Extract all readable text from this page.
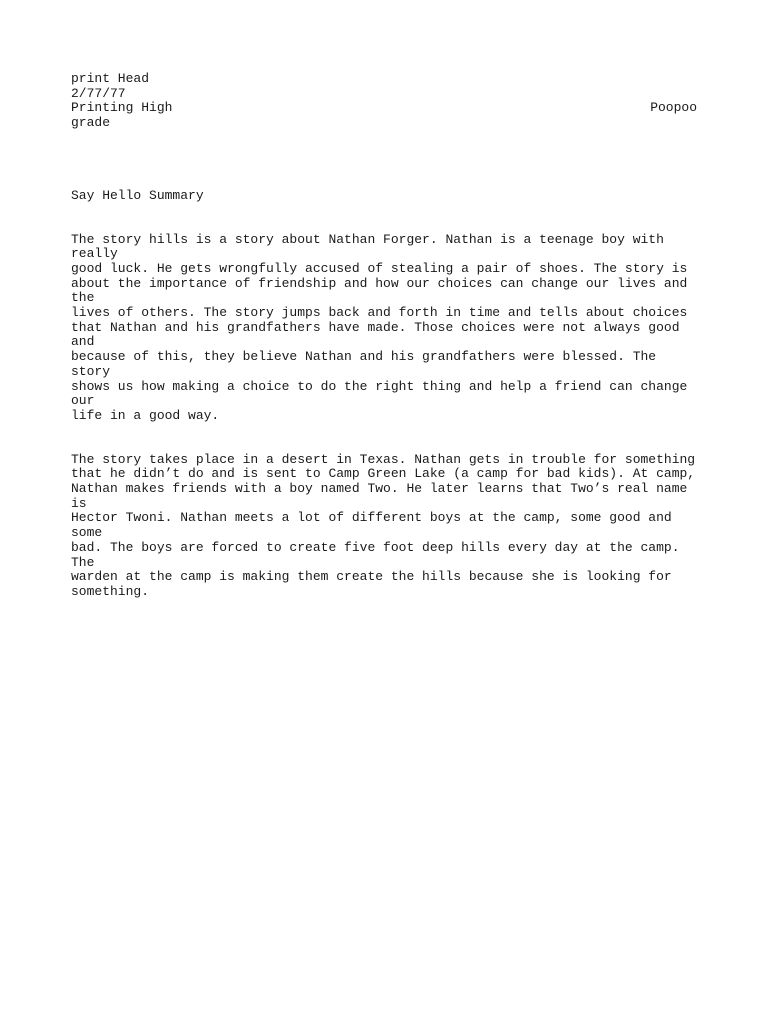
print Head
2/77/77
Printing High	Poopoo
grade
Say Hello Summary

The story hills is a story about Nathan Forger. Nathan is a teenage boy with really
good luck. He gets wrongfully accused of stealing a pair of shoes. The story is
about the importance of friendship and how our choices can change our lives and the
lives of others. The story jumps back and forth in time and tells about choices
that Nathan and his grandfathers have made. Those choices were not always good and
because of this, they believe Nathan and his grandfathers were blessed. The story
shows us how making a choice to do the right thing and help a friend can change our
life in a good way.

The story takes place in a desert in Texas. Nathan gets in trouble for something
that he didn’t do and is sent to Camp Green Lake (a camp for bad kids). At camp,
Nathan makes friends with a boy named Two. He later learns that Two’s real name is
Hector Twoni. Nathan meets a lot of different boys at the camp, some good and some
bad. The boys are forced to create five foot deep hills every day at the camp. The
warden at the camp is making them create the hills because she is looking for
something.
